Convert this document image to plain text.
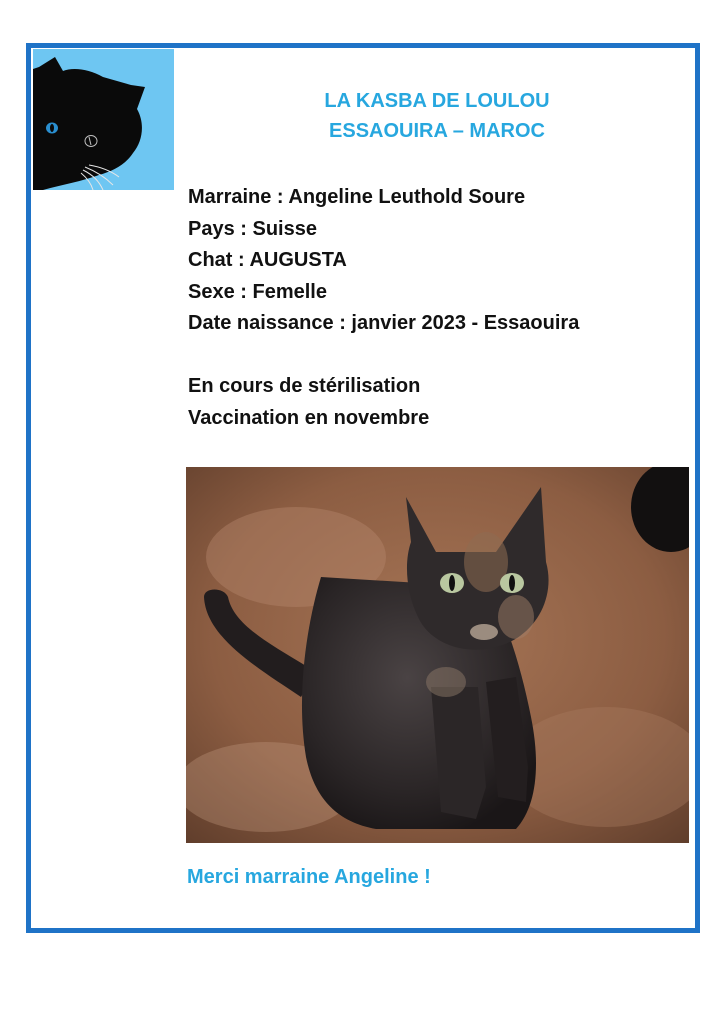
LA KASBA DE LOULOU
ESSAOUIRA – MAROC
Marraine : Angeline Leuthold Soure
Pays : Suisse
Chat : AUGUSTA
Sexe : Femelle
Date naissance : janvier 2023 - Essaouira
En cours de stérilisation
Vaccination en novembre
Merci marraine Angeline !
